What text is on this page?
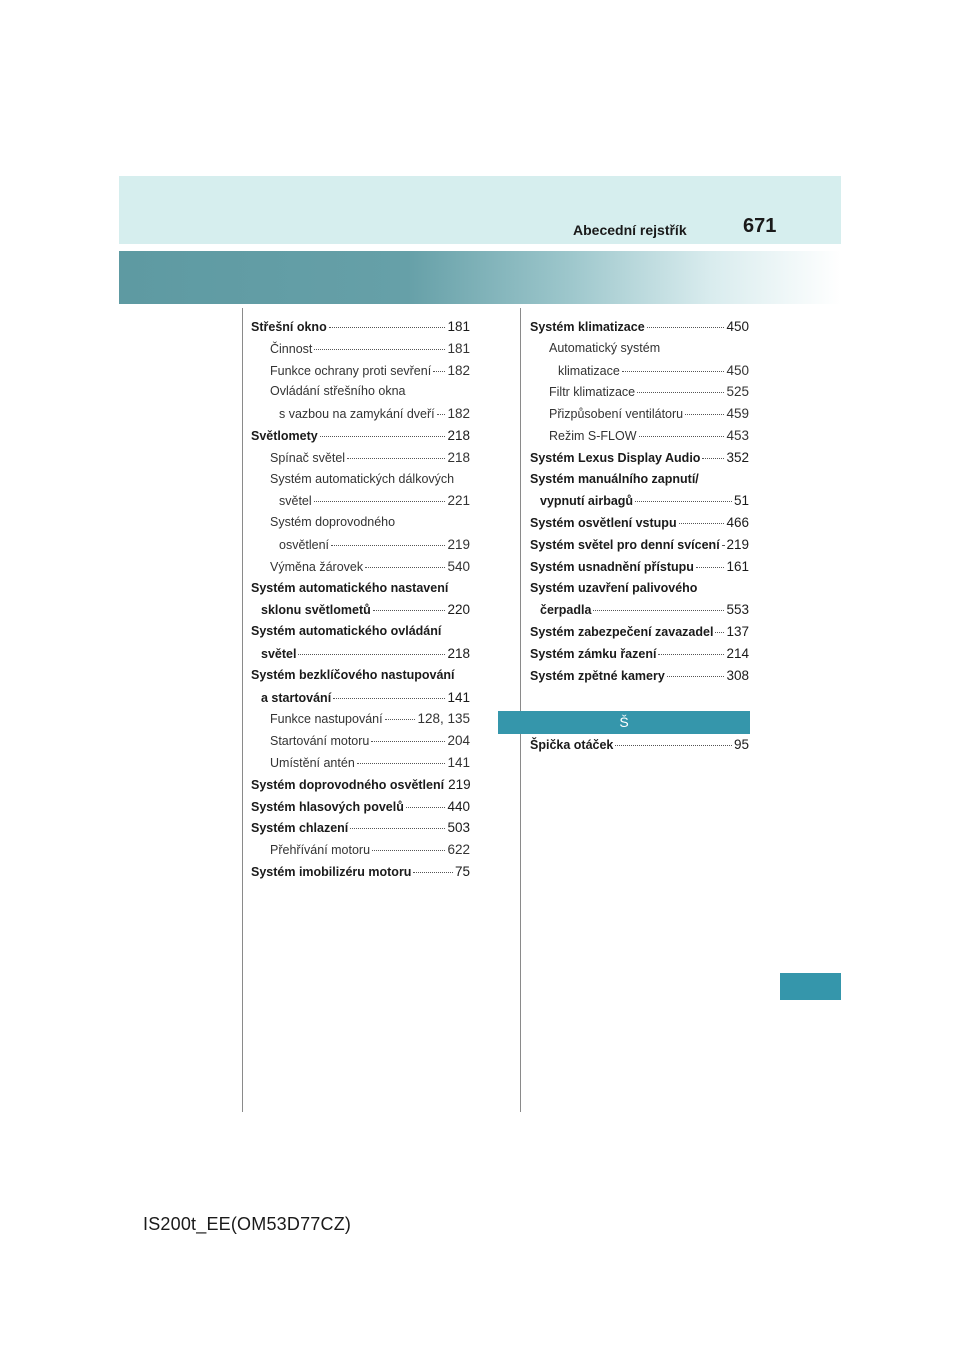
Abecední rejstřík	671
Střešní okno	181
Činnost	181
Funkce ochrany proti sevření 182
Ovládání střešního okna
s vazbou na zamykání dveří 182
Světlomety	218
Spínač světel	218
Systém automatických dálkových
světel	221
Systém doprovodného
osvětlení	219
Výměna žárovek	540
Systém automatického nastavení
sklonu světlometů	220
Systém automatického ovládání
světel	218
Systém bezklíčového nastupování
a startování	141
Funkce nastupování	128, 135
Startování motoru	204
Umístění antén	141
Systém doprovodného osvětlení 219
Systém hlasových povelů	440
Systém chlazení	503
Přehřívání motoru	622
Systém imobilizéru motoru	75
Systém klimatizace	450
Automatický systém
klimatizace	450
Filtr klimatizace	525
Přizpůsobení ventilátoru	459
Režim S-FLOW	453
Systém Lexus Display Audio 352
Systém manuálního zapnutí/
vypnutí airbagů	51
Systém osvětlení vstupu	466
Systém světel pro denní svícení 219
Systém usnadnění přístupu 161
Systém uzavření palivového
čerpadla	553
Systém zabezpečení zavazadel 137
Systém zámku řazení	214
Systém zpětné kamery	308
Š
Špička otáček	95
IS200t_EE(OM53D77CZ)
